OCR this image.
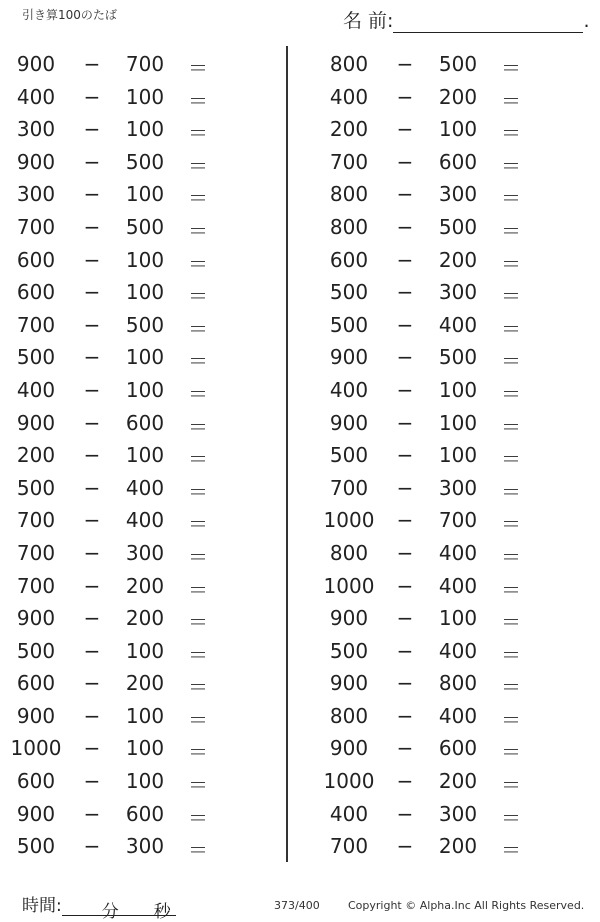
引き算100のたば	名 前:	.
900	−	700	＝
400	−	100	＝
300	−	100	＝
900	−	500	＝
300	−	100	＝
700	−	500	＝
600	−	100	＝
600	−	100	＝
700	−	500	＝
500	−	100	＝
400	−	100	＝
900	−	600	＝
200	−	100	＝
500	−	400	＝
700	−	400	＝
700	−	300	＝
700	−	200	＝
900	−	200	＝
500	−	100	＝
600	−	200	＝
900	−	100	＝
1000 −	100	＝
600	−	100	＝
900	−	600	＝
500	−	300	＝
800	−	500	＝
400	−	200	＝
200	−	100	＝
700	−	600	＝
800	−	300	＝
800	−	500	＝
600	−	200	＝
500	−	300	＝
500	−	400	＝
900	−	500	＝
400	−	100	＝
900	−	100	＝
500	−	100	＝
700	−	300	＝
1000 −	700	＝
800	−	400	＝
1000 −	400	＝
900	−	100	＝
500	−	400	＝
900	−	800	＝
800	−	400	＝
900	−	600	＝
1000 −	200	＝
400	−	300	＝
700	−	200	＝
時間: 分 秒	373/400	Copyright © Alpha.Inc All Rights Reserved.
